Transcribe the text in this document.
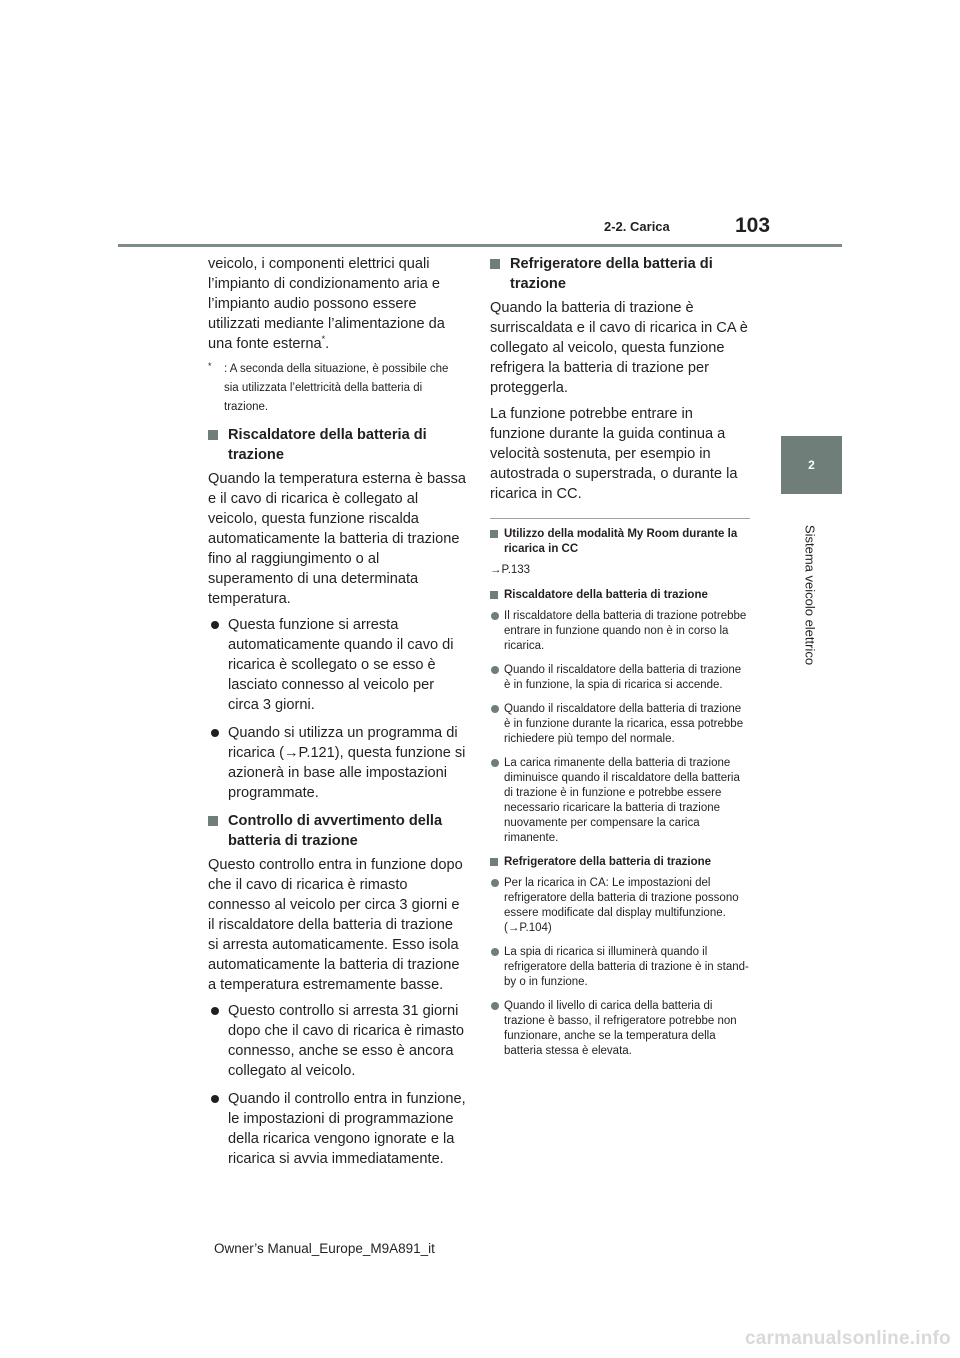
2-2. Carica	103
2
Sistema veicolo elettrico

veicolo, i componenti elettrici quali l’impianto di condizionamento aria e l’impianto audio possono essere utilizzati mediante l’alimentazione da una fonte esterna*.

* : A seconda della situazione, è possibile che sia utilizzata l’elettricità della batteria di trazione.
Riscaldatore della batteria di trazione

Quando la temperatura esterna è bassa e il cavo di ricarica è collegato al veicolo, questa funzione riscalda automaticamente la batteria di trazione fino al raggiungimento o al superamento di una determinata temperatura.

Questa funzione si arresta automaticamente quando il cavo di ricarica è scollegato o se esso è lasciato connesso al veicolo per circa 3 giorni.
Quando si utilizza un programma di ricarica (→P.121), questa funzione si azionerà in base alle impostazioni programmate.
Controllo di avvertimento della batteria di trazione

Questo controllo entra in funzione dopo che il cavo di ricarica è rimasto connesso al veicolo per circa 3 giorni e il riscaldatore della batteria di trazione si arresta automaticamente. Esso isola automaticamente la batteria di trazione a temperatura estremamente basse.

Questo controllo si arresta 31 giorni dopo che il cavo di ricarica è rimasto connesso, anche se esso è ancora collegato al veicolo.
Quando il controllo entra in funzione, le impostazioni di programmazione della ricarica vengono ignorate e la ricarica si avvia immediatamente.
Refrigeratore della batteria di trazione

Quando la batteria di trazione è surriscaldata e il cavo di ricarica in CA è collegato al veicolo, questa funzione refrigera la batteria di trazione per proteggerla.

La funzione potrebbe entrare in funzione durante la guida continua a velocità sostenuta, per esempio in autostrada o superstrada, o durante la ricarica in CC.

Utilizzo della modalità My Room durante la ricarica in CC

→P.133

Riscaldatore della batteria di trazione
Il riscaldatore della batteria di trazione potrebbe entrare in funzione quando non è in corso la ricarica.
Quando il riscaldatore della batteria di trazione è in funzione, la spia di ricarica si accende.
Quando il riscaldatore della batteria di trazione è in funzione durante la ricarica, essa potrebbe richiedere più tempo del normale.
La carica rimanente della batteria di trazione diminuisce quando il riscaldatore della batteria di trazione è in funzione e potrebbe essere necessario ricaricare la batteria di trazione nuovamente per compensare la carica rimanente.
Refrigeratore della batteria di trazione
Per la ricarica in CA: Le impostazioni del refrigeratore della batteria di trazione possono essere modificate dal display multifunzione. (→P.104)
La spia di ricarica si illuminerà quando il refrigeratore della batteria di trazione è in stand-by o in funzione.
Quando il livello di carica della batteria di trazione è basso, il refrigeratore potrebbe non funzionare, anche se la temperatura della batteria stessa è elevata.
Owner’s Manual_Europe_M9A891_it
carmanualsonline.info
